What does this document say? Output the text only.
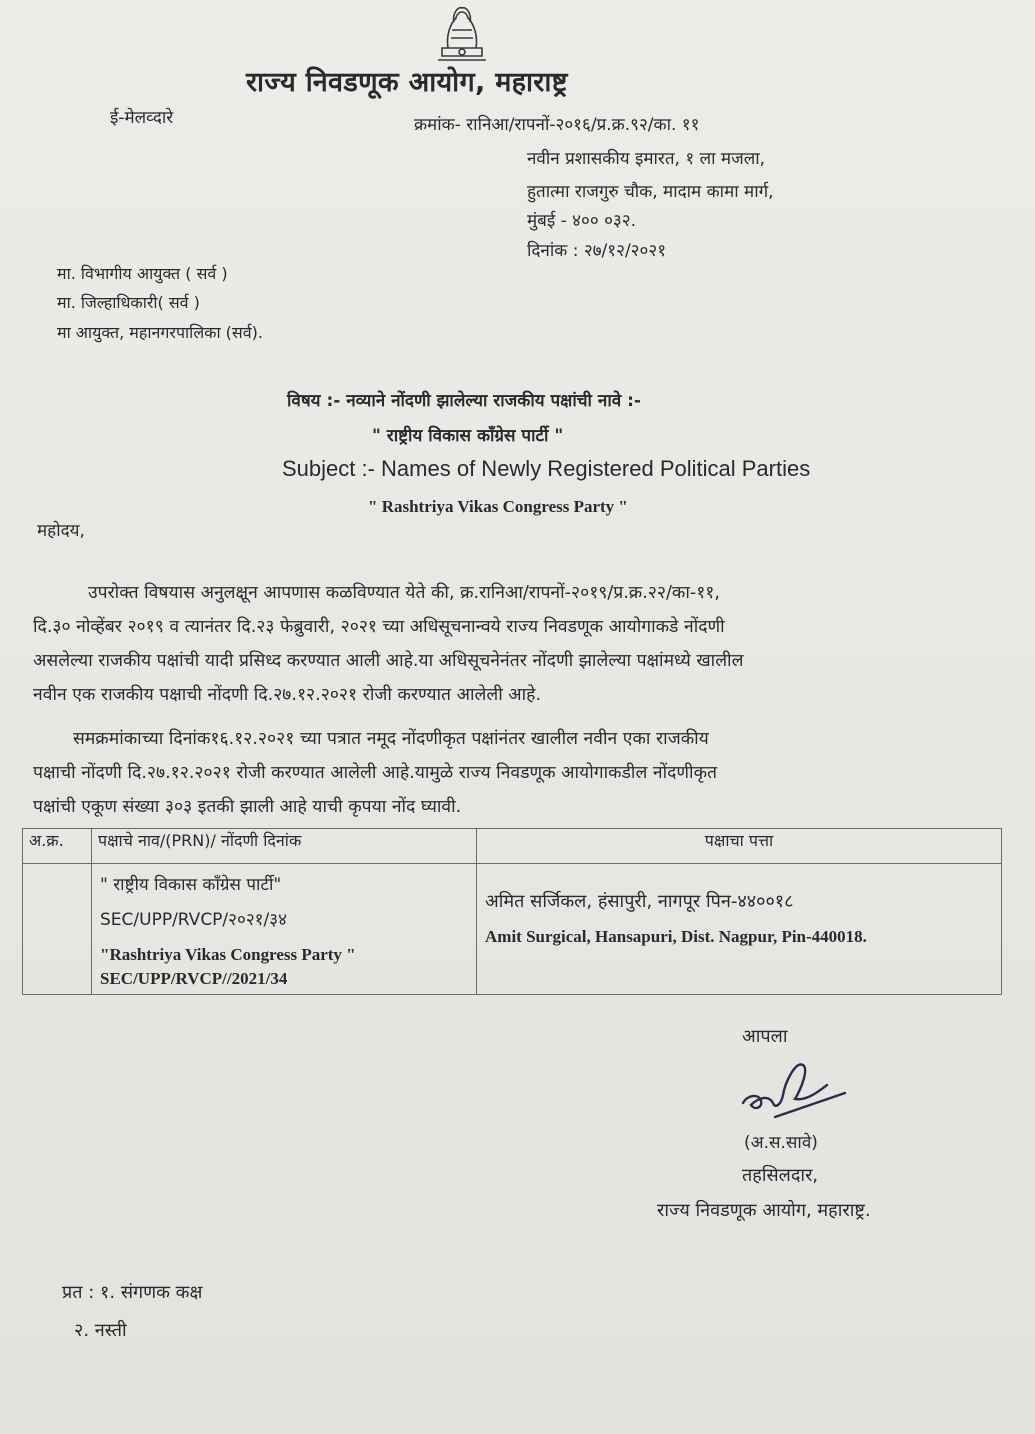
राज्य निवडणूक आयोग, महाराष्ट्र
ई-मेलव्दारे	क्रमांक- रानिआ/रापनों-२०१६/प्र.क्र.९२/का. ११
नवीन प्रशासकीय इमारत, १ ला मजला,
हुतात्मा राजगुरु चौक, मादाम कामा मार्ग,
मुंबई - ४०० ०३२.
दिनांक : २७/१२/२०२१
मा. विभागीय आयुक्त ( सर्व )
मा. जिल्हाधिकारी( सर्व )
मा आयुक्त, महानगरपालिका (सर्व).
विषय :- नव्याने नोंदणी झालेल्या राजकीय पक्षांची नावे :-
" राष्ट्रीय विकास कॉंग्रेस पार्टी "
Subject :- Names of Newly Registered Political Parties
" Rashtriya Vikas Congress Party "
महोदय,
उपरोक्त विषयास अनुलक्षून आपणास कळविण्यात येते की, क्र.रानिआ/रापनों-२०१९/प्र.क्र.२२/का-११,
दि.३० नोव्हेंबर २०१९ व त्यानंतर दि.२३ फेब्रुवारी, २०२१ च्या अधिसूचनान्वये राज्य निवडणूक आयोगाकडे नोंदणी
असलेल्या राजकीय पक्षांची यादी प्रसिध्द करण्यात आली आहे.या अधिसूचनेनंतर नोंदणी झालेल्या पक्षांमध्ये खालील
नवीन एक राजकीय पक्षाची नोंदणी दि.२७.१२.२०२१ रोजी करण्यात आलेली आहे.
समक्रमांकाच्या दिनांक१६.१२.२०२१ च्या पत्रात नमूद नोंदणीकृत पक्षांनंतर खालील नवीन एका राजकीय
पक्षाची नोंदणी दि.२७.१२.२०२१ रोजी करण्यात आलेली आहे.यामुळे राज्य निवडणूक आयोगाकडील नोंदणीकृत
पक्षांची एकूण संख्या ३०३ इतकी झाली आहे याची कृपया नोंद घ्यावी.
अ.क्र.	पक्षाचे नाव/(PRN)/ नोंदणी दिनांक	पक्षाचा पत्ता

	" राष्ट्रीय विकास कॉंग्रेस पार्टी"
SEC/UPP/RVCP/२०२१/३४
"Rashtriya Vikas Congress Party "
SEC/UPP/RVCP//2021/34	अमित सर्जिकल, हंसापुरी, नागपूर पिन-४४००१८
Amit Surgical, Hansapuri, Dist. Nagpur, Pin-440018.
आपला
(अ.स.सावे)
तहसिलदार,
राज्य निवडणूक आयोग, महाराष्ट्र.
प्रत : १. संगणक कक्ष
२. नस्ती
